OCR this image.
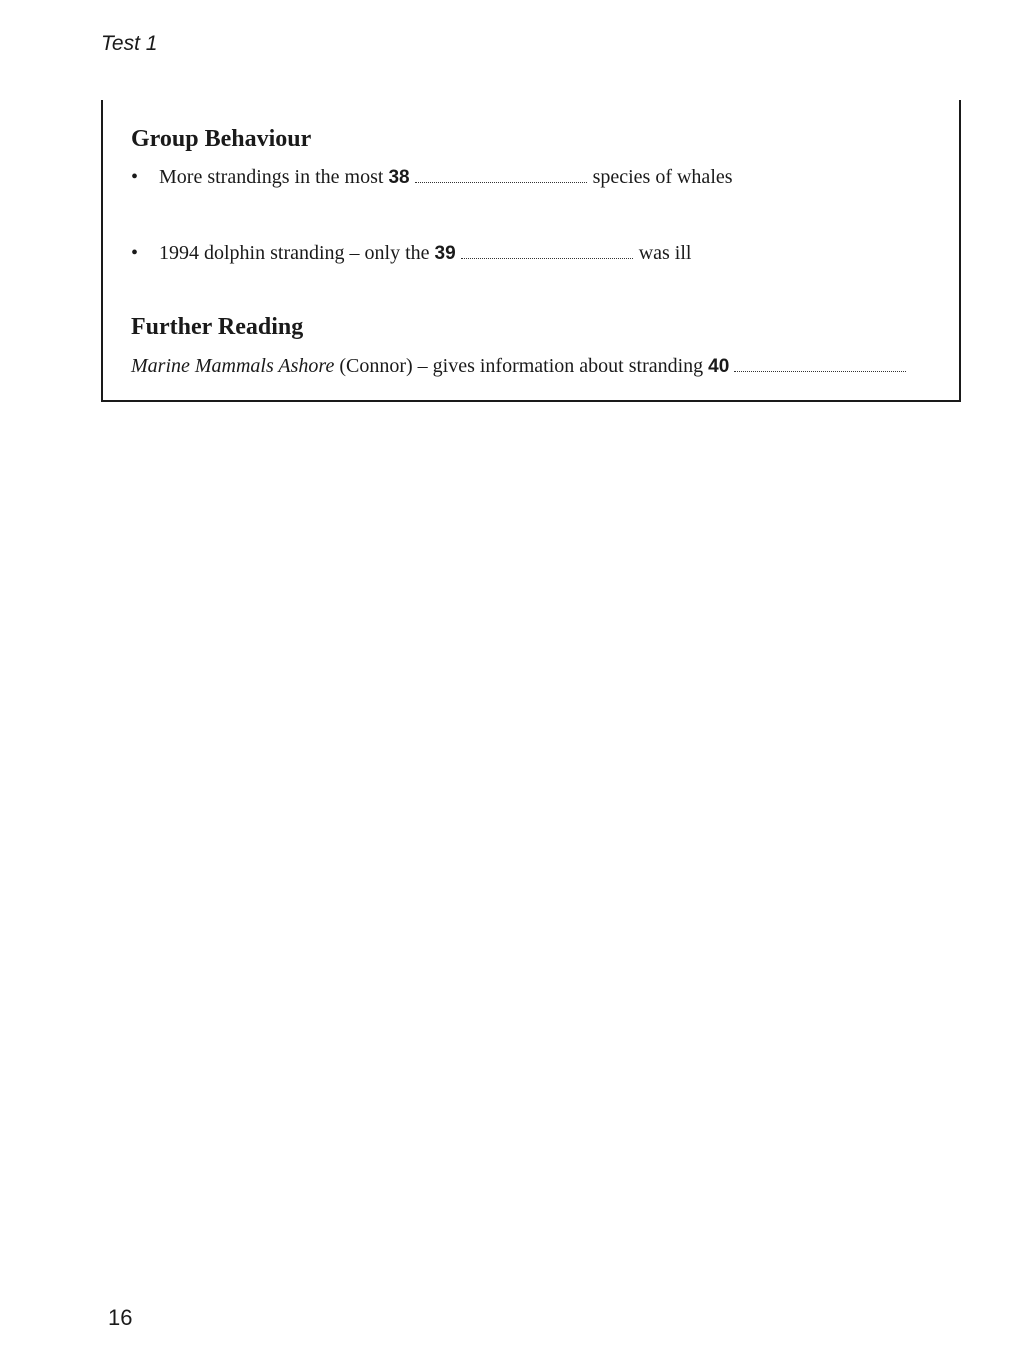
Test 1
Group Behaviour
• More strandings in the most 38	species of whales
• 1994 dolphin stranding – only the 39	was ill
Further Reading
Marine Mammals Ashore (Connor) – gives information about stranding 40
16
